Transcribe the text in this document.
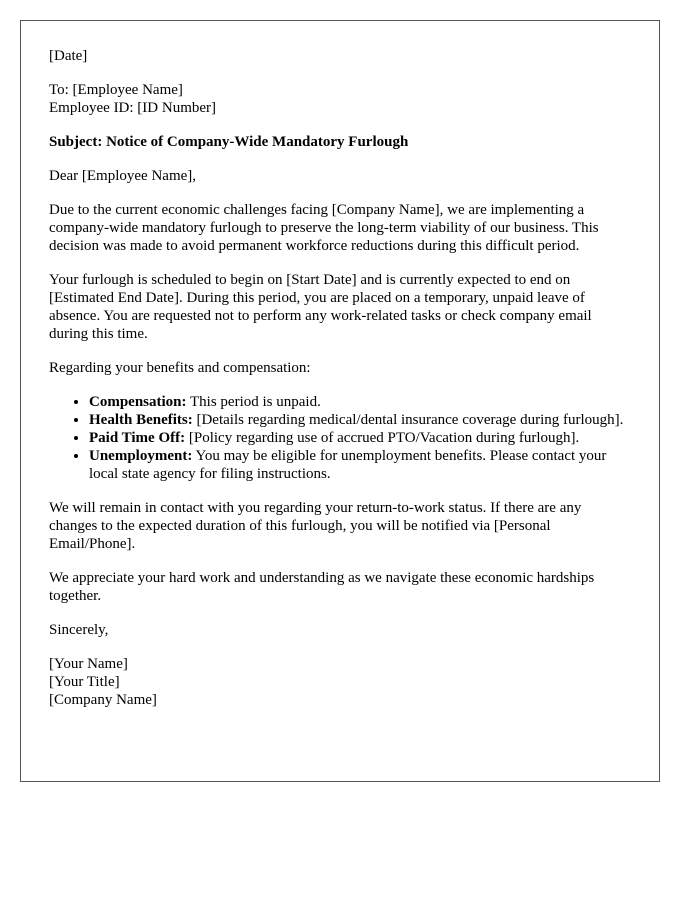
[Date]

To: [Employee Name]
Employee ID: [ID Number]

Subject: Notice of Company-Wide Mandatory Furlough

Dear [Employee Name],

Due to the current economic challenges facing [Company Name], we are implementing a company-wide mandatory furlough to preserve the long-term viability of our business. This decision was made to avoid permanent workforce reductions during this difficult period.

Your furlough is scheduled to begin on [Start Date] and is currently expected to end on [Estimated End Date]. During this period, you are placed on a temporary, unpaid leave of absence. You are requested not to perform any work-related tasks or check company email during this time.

Regarding your benefits and compensation:

• Compensation: This period is unpaid.
• Health Benefits: [Details regarding medical/dental insurance coverage during furlough].
• Paid Time Off: [Policy regarding use of accrued PTO/Vacation during furlough].
• Unemployment: You may be eligible for unemployment benefits. Please contact your local state agency for filing instructions.

We will remain in contact with you regarding your return-to-work status. If there are any changes to the expected duration of this furlough, you will be notified via [Personal Email/Phone].

We appreciate your hard work and understanding as we navigate these economic hardships together.

Sincerely,

[Your Name]
[Your Title]
[Company Name]
